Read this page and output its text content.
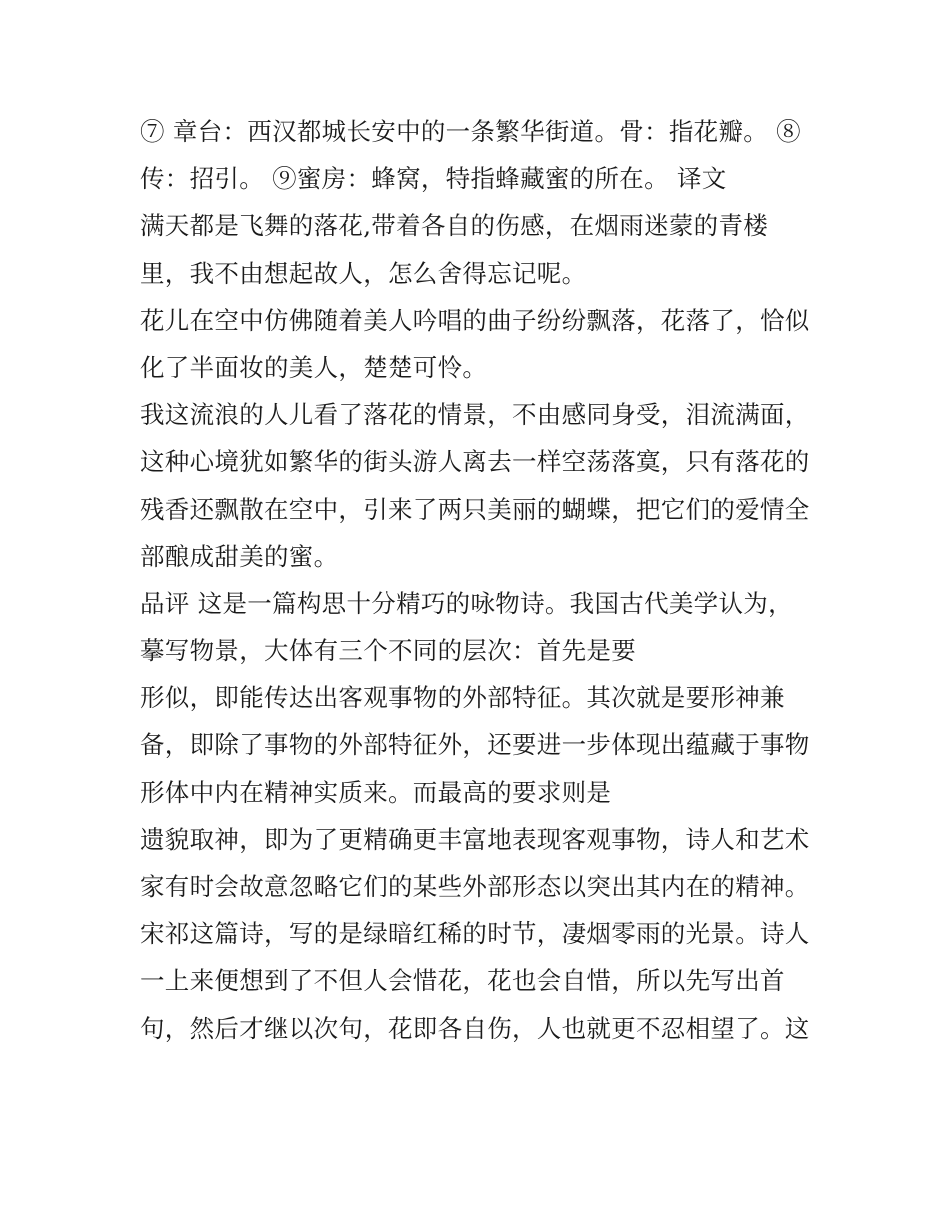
⑦ 章台：西汉都城长安中的一条繁华街道。骨：指花瓣。 ⑧
传：招引。 ⑨蜜房：蜂窝，特指蜂藏蜜的所在。 译文
满天都是飞舞的落花,带着各自的伤感，在烟雨迷蒙的青楼
里，我不由想起故人，怎么舍得忘记呢。
花儿在空中仿佛随着美人吟唱的曲子纷纷飘落，花落了，恰似
化了半面妆的美人，楚楚可怜。
我这流浪的人儿看了落花的情景，不由感同身受，泪流满面，
这种心境犹如繁华的街头游人离去一样空荡落寞，只有落花的
残香还飘散在空中，引来了两只美丽的蝴蝶，把它们的爱情全
部酿成甜美的蜜。
品评 这是一篇构思十分精巧的咏物诗。我国古代美学认为，
摹写物景，大体有三个不同的层次：首先是要
形似，即能传达出客观事物的外部特征。其次就是要形神兼
备，即除了事物的外部特征外，还要进一步体现出蕴藏于事物
形体中内在精神实质来。而最高的要求则是
遗貌取神，即为了更精确更丰富地表现客观事物，诗人和艺术
家有时会故意忽略它们的某些外部形态以突出其内在的精神。
宋祁这篇诗，写的是绿暗红稀的时节，凄烟零雨的光景。诗人
一上来便想到了不但人会惜花，花也会自惜，所以先写出首
句，然后才继以次句，花即各自伤，人也就更不忍相望了。这
